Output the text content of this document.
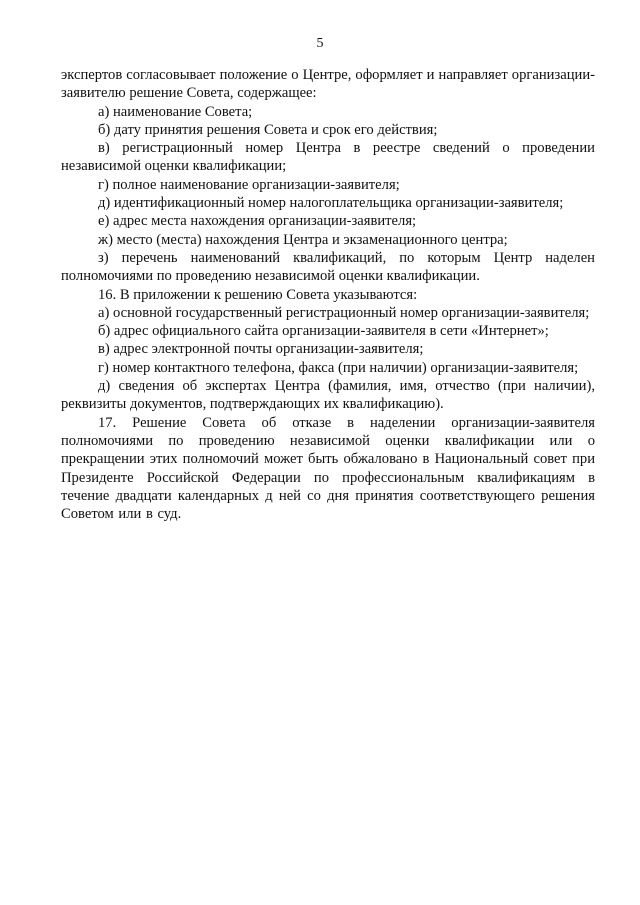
5

экспертов согласовывает положение о Центре, оформляет и направляет организации-заявителю решение Совета, содержащее:

а) наименование Совета;

б) дату принятия решения Совета и срок его действия;

в) регистрационный номер Центра в реестре сведений о проведении независимой оценки квалификации;

г) полное наименование организации-заявителя;

д) идентификационный номер налогоплательщика организации-заявителя;

е) адрес места нахождения организации-заявителя;

ж) место (места) нахождения Центра и экзаменационного центра;

з) перечень наименований квалификаций, по которым Центр наделен полномочиями по проведению независимой оценки квалификации.

16. В приложении к решению Совета указываются:

а) основной государственный регистрационный номер организации-заявителя;

б) адрес официального сайта организации-заявителя в сети «Интернет»;

в) адрес электронной почты организации-заявителя;

г) номер контактного телефона, факса (при наличии) организации-заявителя;

д) сведения об экспертах Центра (фамилия, имя, отчество (при наличии), реквизиты документов, подтверждающих их квалификацию).

17. Решение Совета об отказе в наделении организации-заявителя полномочиями по проведению независимой оценки квалификации или о прекращении этих полномочий может быть обжаловано в Национальный совет при Президенте Российской Федерации по профессиональным квалификациям в течение двадцати календарных д ней со дня принятия соответствующего решения Советом или в суд.
